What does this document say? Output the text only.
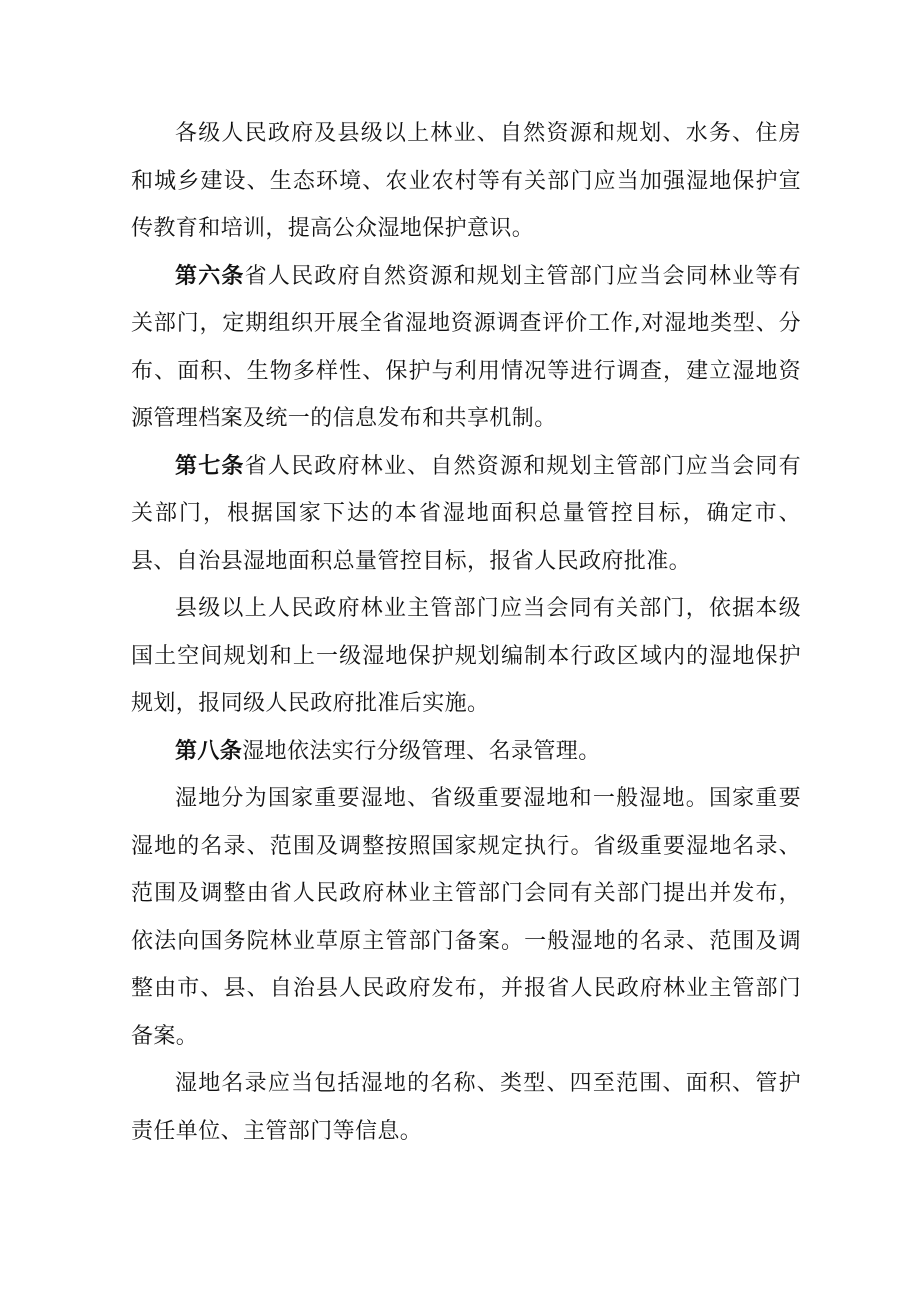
各级人民政府及县级以上林业、自然资源和规划、水务、住房和城乡建设、生态环境、农业农村等有关部门应当加强湿地保护宣传教育和培训，提高公众湿地保护意识。

第六条省人民政府自然资源和规划主管部门应当会同林业等有关部门，定期组织开展全省湿地资源调查评价工作,对湿地类型、分布、面积、生物多样性、保护与利用情况等进行调查，建立湿地资源管理档案及统一的信息发布和共享机制。

第七条省人民政府林业、自然资源和规划主管部门应当会同有关部门，根据国家下达的本省湿地面积总量管控目标，确定市、县、自治县湿地面积总量管控目标，报省人民政府批准。

县级以上人民政府林业主管部门应当会同有关部门，依据本级国土空间规划和上一级湿地保护规划编制本行政区域内的湿地保护规划，报同级人民政府批准后实施。

第八条湿地依法实行分级管理、名录管理。

湿地分为国家重要湿地、省级重要湿地和一般湿地。国家重要湿地的名录、范围及调整按照国家规定执行。省级重要湿地名录、范围及调整由省人民政府林业主管部门会同有关部门提出并发布，依法向国务院林业草原主管部门备案。一般湿地的名录、范围及调整由市、县、自治县人民政府发布，并报省人民政府林业主管部门备案。

湿地名录应当包括湿地的名称、类型、四至范围、面积、管护责任单位、主管部门等信息。
